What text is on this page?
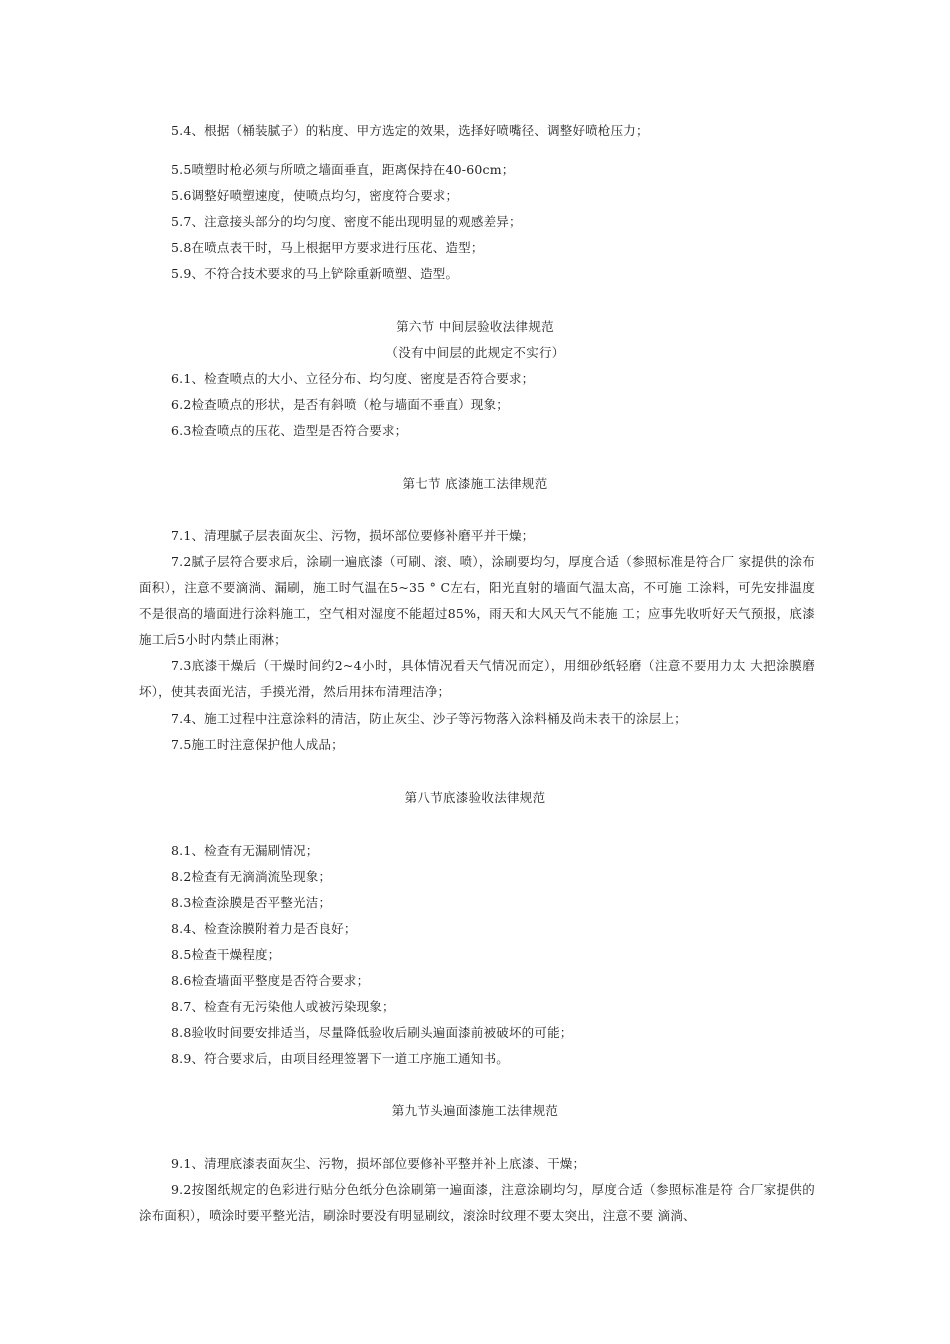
5.4、根据（桶装腻子）的粘度、甲方选定的效果，选择好喷嘴径、调整好喷枪压力；
5.5喷塑时枪必须与所喷之墙面垂直，距离保持在40-60cm；
5.6调整好喷塑速度，使喷点均匀，密度符合要求；
5.7、注意接头部分的均匀度、密度不能出现明显的观感差异；
5.8在喷点表干时，马上根据甲方要求进行压花、造型；
5.9、不符合技术要求的马上铲除重新喷塑、造型。
第六节 中间层验收法律规范
（没有中间层的此规定不实行）
6.1、检查喷点的大小、立径分布、均匀度、密度是否符合要求；
6.2检查喷点的形状，是否有斜喷（枪与墙面不垂直）现象；
6.3检查喷点的压花、造型是否符合要求；
第七节 底漆施工法律规范
7.1、清理腻子层表面灰尘、污物，损坏部位要修补磨平并干燥；

7.2腻子层符合要求后，涂刷一遍底漆（可刷、滚、喷），涂刷要均匀，厚度合适（参照标准是符合厂 家提供的涂布面积），注意不要滴淌、漏刷，施工时气温在5~35 ° C左右，阳光直射的墙面气温太高，不可施 工涂料，可先安排温度不是很高的墙面进行涂料施工，空气相对湿度不能超过85%，雨天和大风天气不能施 工；应事先收听好天气预报，底漆施工后5小时内禁止雨淋；

7.3底漆干燥后（干燥时间约2~4小时，具体情况看天气情况而定），用细砂纸轻磨（注意不要用力太 大把涂膜磨坏），使其表面光洁，手摸光滑，然后用抹布清理洁净；

7.4、施工过程中注意涂料的清洁，防止灰尘、沙子等污物落入涂料桶及尚未表干的涂层上；
7.5施工时注意保护他人成品；
第八节底漆验收法律规范
8.1、检查有无漏刷情况；
8.2检查有无滴淌流坠现象；
8.3检查涂膜是否平整光洁；
8.4、检查涂膜附着力是否良好；
8.5检查干燥程度；
8.6检查墙面平整度是否符合要求；
8.7、检查有无污染他人或被污染现象；
8.8验收时间要安排适当，尽量降低验收后刷头遍面漆前被破坏的可能；
8.9、符合要求后，由项目经理签署下一道工序施工通知书。
第九节头遍面漆施工法律规范
9.1、清理底漆表面灰尘、污物，损坏部位要修补平整并补上底漆、干燥；

9.2按图纸规定的色彩进行贴分色纸分色涂刷第一遍面漆，注意涂刷均匀，厚度合适（参照标准是符 合厂家提供的涂布面积），喷涂时要平整光洁，刷涂时要没有明显刷纹，滚涂时纹理不要太突出，注意不要 滴淌、
